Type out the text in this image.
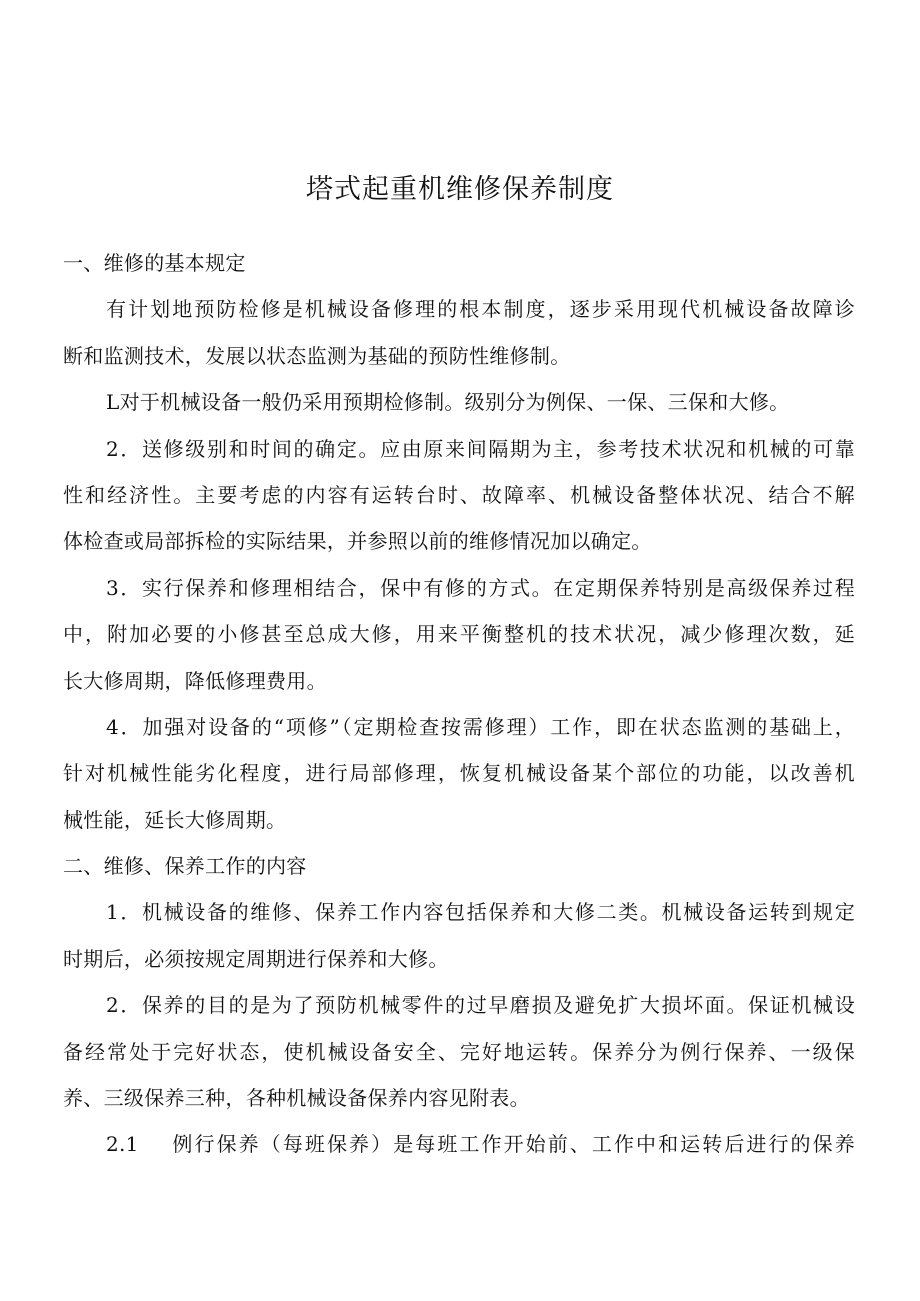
塔式起重机维修保养制度
一、维修的基本规定
有计划地预防检修是机械设备修理的根本制度，逐步采用现代机械设备故障诊
断和监测技术，发展以状态监测为基础的预防性维修制。
L对于机械设备一般仍采用预期检修制。级别分为例保、一保、三保和大修。
2．送修级别和时间的确定。应由原来间隔期为主，参考技术状况和机械的可靠
性和经济性。主要考虑的内容有运转台时、故障率、机械设备整体状况、结合不解
体检查或局部拆检的实际结果，并参照以前的维修情况加以确定。
3．实行保养和修理相结合，保中有修的方式。在定期保养特别是高级保养过程
中，附加必要的小修甚至总成大修，用来平衡整机的技术状况，减少修理次数，延
长大修周期，降低修理费用。
4．加强对设备的“项修”（定期检查按需修理）工作，即在状态监测的基础上，
针对机械性能劣化程度，进行局部修理，恢复机械设备某个部位的功能，以改善机
械性能，延长大修周期。
二、维修、保养工作的内容
1．机械设备的维修、保养工作内容包括保养和大修二类。机械设备运转到规定
时期后，必须按规定周期进行保养和大修。
2．保养的目的是为了预防机械零件的过早磨损及避免扩大损坏面。保证机械设
备经常处于完好状态，使机械设备安全、完好地运转。保养分为例行保养、一级保
养、三级保养三种，各种机械设备保养内容见附表。
2.1    例行保养（每班保养）是每班工作开始前、工作中和运转后进行的保养
